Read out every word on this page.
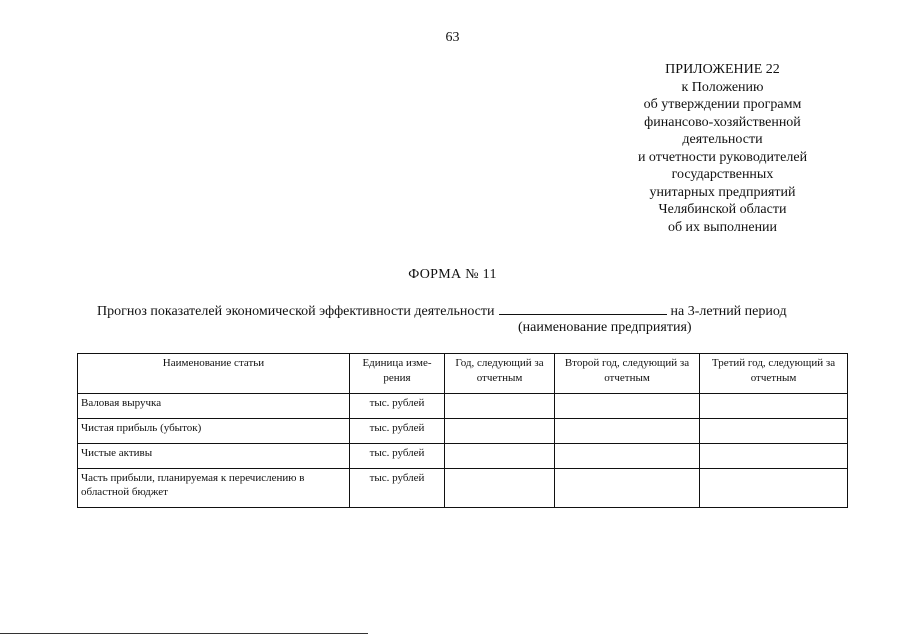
63
ПРИЛОЖЕНИЕ 22
к Положению
об утверждении программ
финансово-хозяйственной
деятельности
и отчетности руководителей
государственных
унитарных предприятий
Челябинской области
об их выполнении
ФОРМА № 11
Прогноз показателей экономической эффективности деятельности	на 3-летний период
(наименование предприятия)
Наименование статьи	Единица изме-рения	Год, следующий за отчетным	Второй год, следующий за отчетным	Третий год, следующий за отчетным
Валовая выручка	тыс. рублей			
Чистая прибыль (убыток)	тыс. рублей			
Чистые активы	тыс. рублей			
Часть прибыли, планируемая к перечислению в областной бюджет	тыс. рублей			
